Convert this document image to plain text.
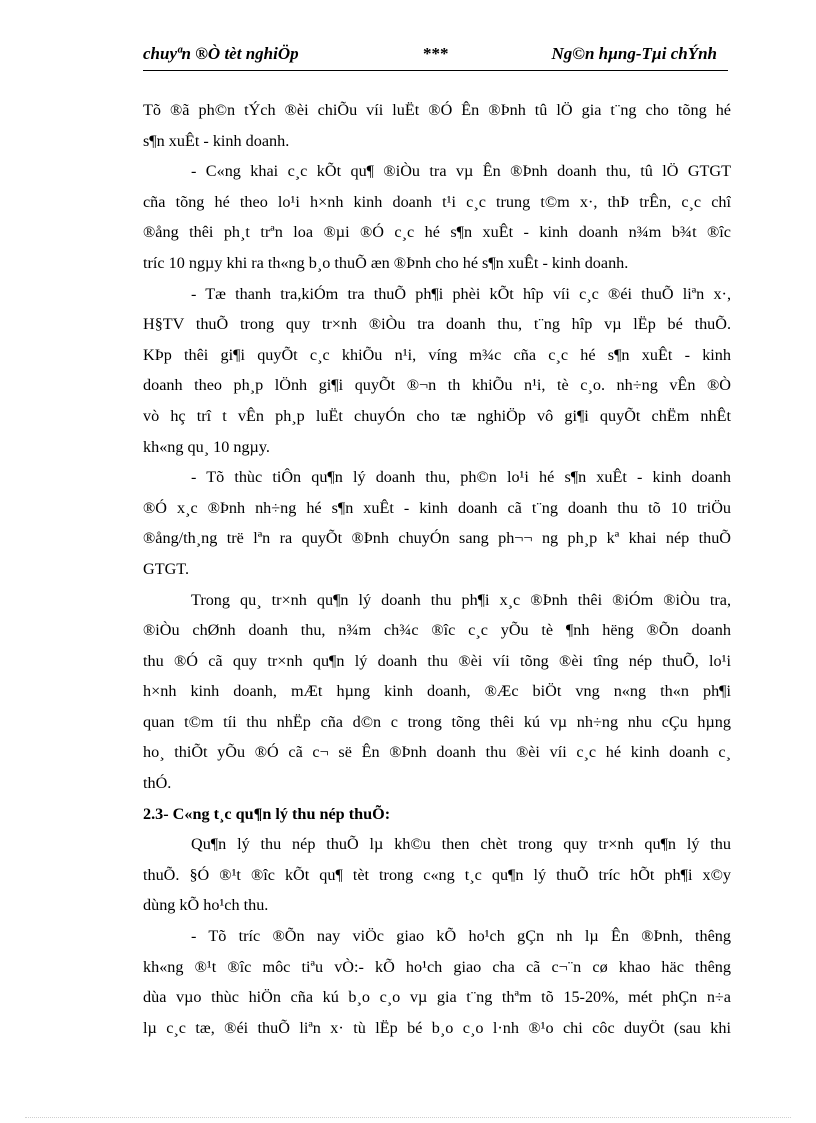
chuyªn ®Ò tèt nghiÖp	***	Ng©n hµng-Tµi chÝnh

Tõ ®ã ph©n tÝch ®èi chiÕu víi luËt ®Ó Ên ®Þnh tû lÖ gia t¨ng cho tõng hé
s¶n xuÊt - kinh doanh.

- C«ng khai c¸c kÕt qu¶ ®iÒu tra vµ Ên ®Þnh doanh thu, tû lÖ GTGT
cña tõng hé theo lo¹i h×nh kinh doanh t¹i c¸c trung t©m x·, thÞ trÊn, c¸c chî
®ång thêi ph¸t trªn loa ®µi ®Ó c¸c hé s¶n xuÊt - kinh doanh n¾m b¾t ®îc
tríc 10 ngµy khi ra th«ng b¸o thuÕ æn ®Þnh cho hé s¶n xuÊt - kinh doanh.

- Tæ thanh tra,kiÓm tra thuÕ ph¶i phèi kÕt hîp víi c¸c ®éi thuÕ liªn x·,
H§TV thuÕ trong quy tr×nh ®iÒu tra doanh thu, t¨ng hîp vµ lËp bé thuÕ.
KÞp thêi gi¶i quyÕt c¸c khiÕu n¹i, víng m¾c cña c¸c hé s¶n xuÊt - kinh
doanh theo ph¸p lÖnh gi¶i quyÕt ®¬n th khiÕu n¹i, tè c¸o. nh÷ng vÊn ®Ò
vò hç trî t vÊn ph¸p luËt chuyÓn cho tæ nghiÖp vô gi¶i quyÕt chËm nhÊt
kh«ng qu¸ 10 ngµy.

- Tõ thùc tiÔn qu¶n lý doanh thu, ph©n lo¹i hé s¶n xuÊt - kinh doanh
®Ó x¸c ®Þnh nh÷ng hé s¶n xuÊt - kinh doanh cã t¨ng doanh thu tõ 10 triÖu
®ång/th¸ng trë lªn ra quyÕt ®Þnh chuyÓn sang ph¬¬ ng ph¸p kª khai nép thuÕ
GTGT.

Trong qu¸ tr×nh qu¶n lý doanh thu ph¶i x¸c ®Þnh thêi ®iÓm ®iÒu tra,
®iÒu chØnh doanh thu, n¾m ch¾c ®îc c¸c yÕu tè ¶nh hëng ®Õn doanh
thu ®Ó cã quy tr×nh qu¶n lý doanh thu ®èi víi tõng ®èi tîng nép thuÕ, lo¹i
h×nh kinh doanh, mÆt hµng kinh doanh, ®Æc biÖt vng n«ng th«n ph¶i
quan t©m tíi thu nhËp cña d©n c trong tõng thêi kú vµ nh÷ng nhu cÇu hµng
ho¸ thiÕt yÕu ®Ó cã c¬ së Ên ®Þnh doanh thu ®èi víi c¸c hé kinh doanh c¸
thÓ.

2.3- C«ng t¸c qu¶n lý thu nép thuÕ:

Qu¶n lý thu nép thuÕ lµ kh©u then chèt trong quy tr×nh qu¶n lý thu
thuÕ. §Ó ®¹t ®îc kÕt qu¶ tèt trong c«ng t¸c qu¶n lý thuÕ tríc hÕt ph¶i x©y
dùng kÕ ho¹ch thu.

- Tõ tríc ®Õn nay viÖc giao kÕ ho¹ch gÇn nh lµ Ên ®Þnh, thêng
kh«ng ®¹t ®îc môc tiªu vÒ:- kÕ ho¹ch giao cha cã c¬¨n cø khao häc thêng
dùa vµo thùc hiÖn cña kú b¸o c¸o vµ gia t¨ng thªm tõ 15-20%, mét phÇn n÷a
lµ c¸c tæ, ®éi thuÕ liªn x· tù lËp bé b¸o c¸o l·nh ®¹o chi côc duyÖt (sau khi
